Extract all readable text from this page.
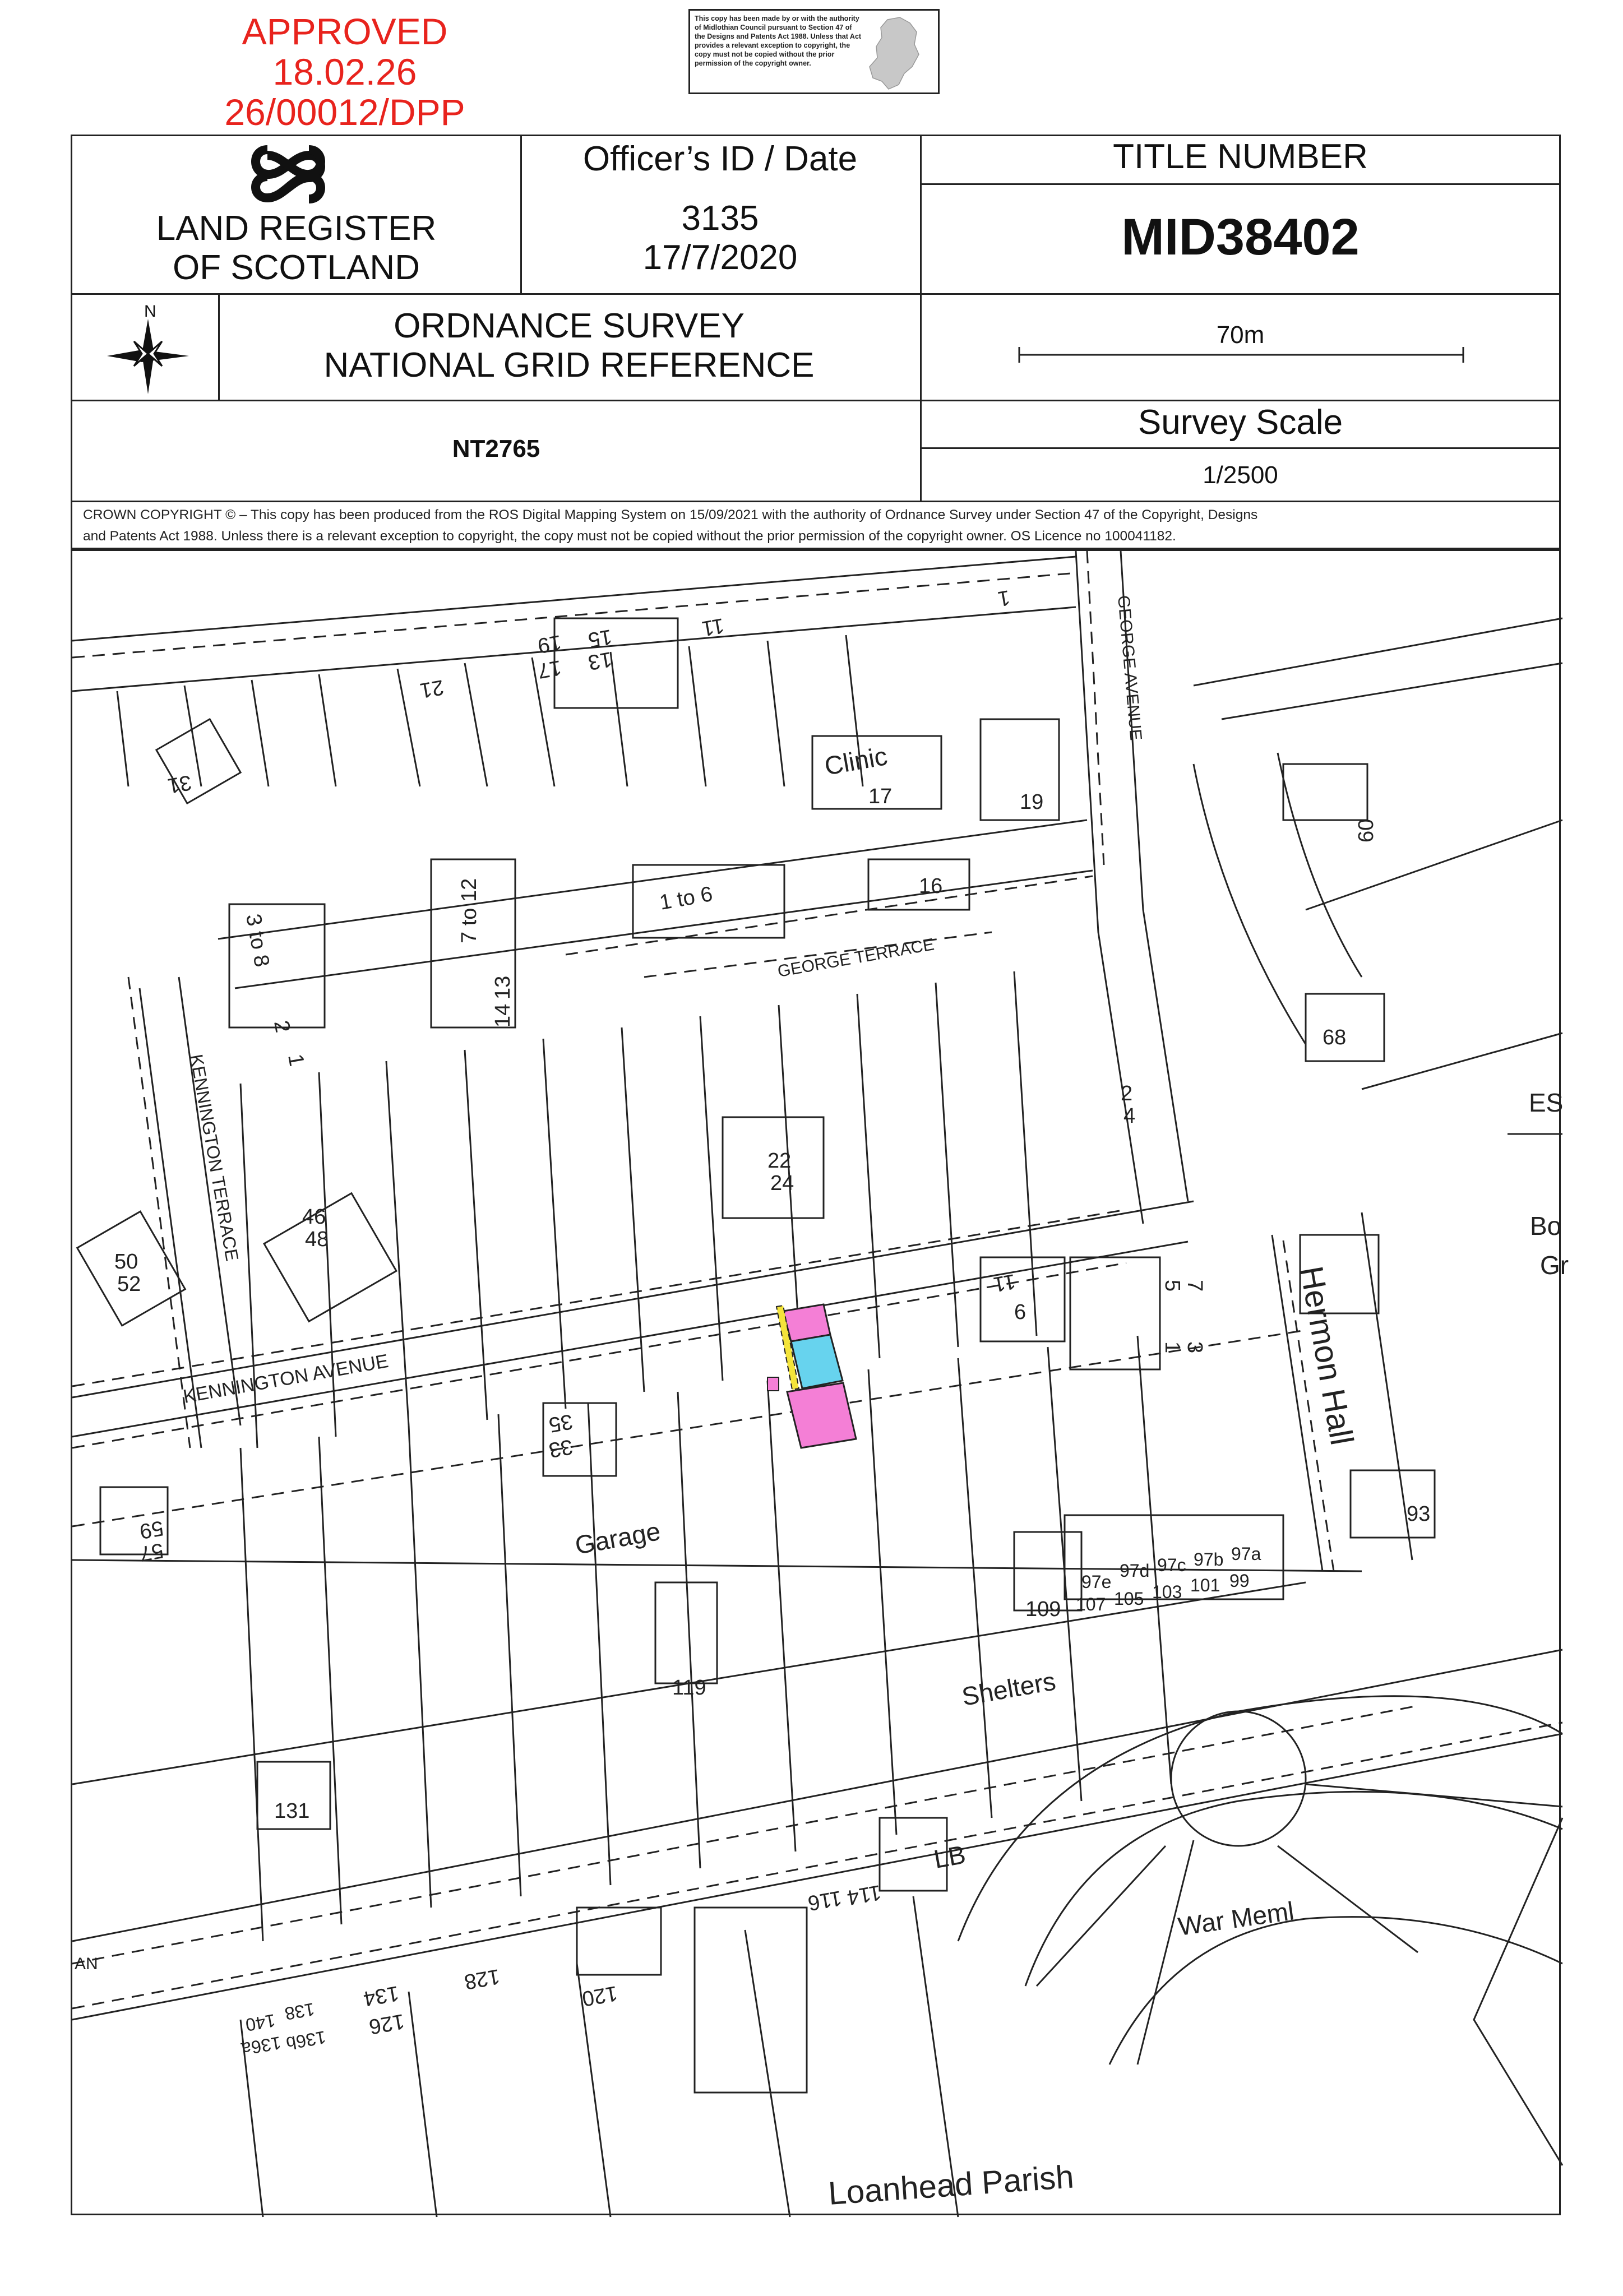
APPROVED
18.02.26
26/00012/DPP
This copy has been made by or with the authority of Midlothian Council pursuant to Section 47 of the Designs and Patents Act 1988. Unless that Act provides a relevant exception to copyright, the copy must not be copied without the prior permission of the copyright owner.
LAND REGISTER
OF SCOTLAND
Officer’s ID / Date
3135
17/7/2020
TITLE NUMBER
MID38402
N	ORDNANCE SURVEY
NATIONAL GRID REFERENCE
70m
NT2765
Survey Scale
1/2500
CROWN COPYRIGHT © – This copy has been produced from the ROS Digital Mapping System on 15/09/2021 with the authority of Ordnance Survey under Section 47 of the Copyright, Designs
and Patents Act 1988. Unless there is a relevant exception to copyright, the copy must not be copied without the prior permission of the copyright owner. OS Licence no 100041182.
KENNINGTON AVENUE
KENNINGTON TERRACE
GEORGE TERRACE
GEORGE AVENUE
Hermon Hall
Garage
Shelters
LB
War Meml
Clinic
Loanhead Parish
ES
Bo
Gr
AN
1
11
15
13
19
17
21
31	17	19
60
1 to 6	16
3 to 8	7 to 12
14
13
2
1
68
2
4
22
24
46
48
50
52	11
6
5
7
1
3
35
33
57
59
93
97e
97d 97c 97b 97a
107 105 103 101 99
109
119
131
114
116
120
128
134
126
138
140
136b
136a
